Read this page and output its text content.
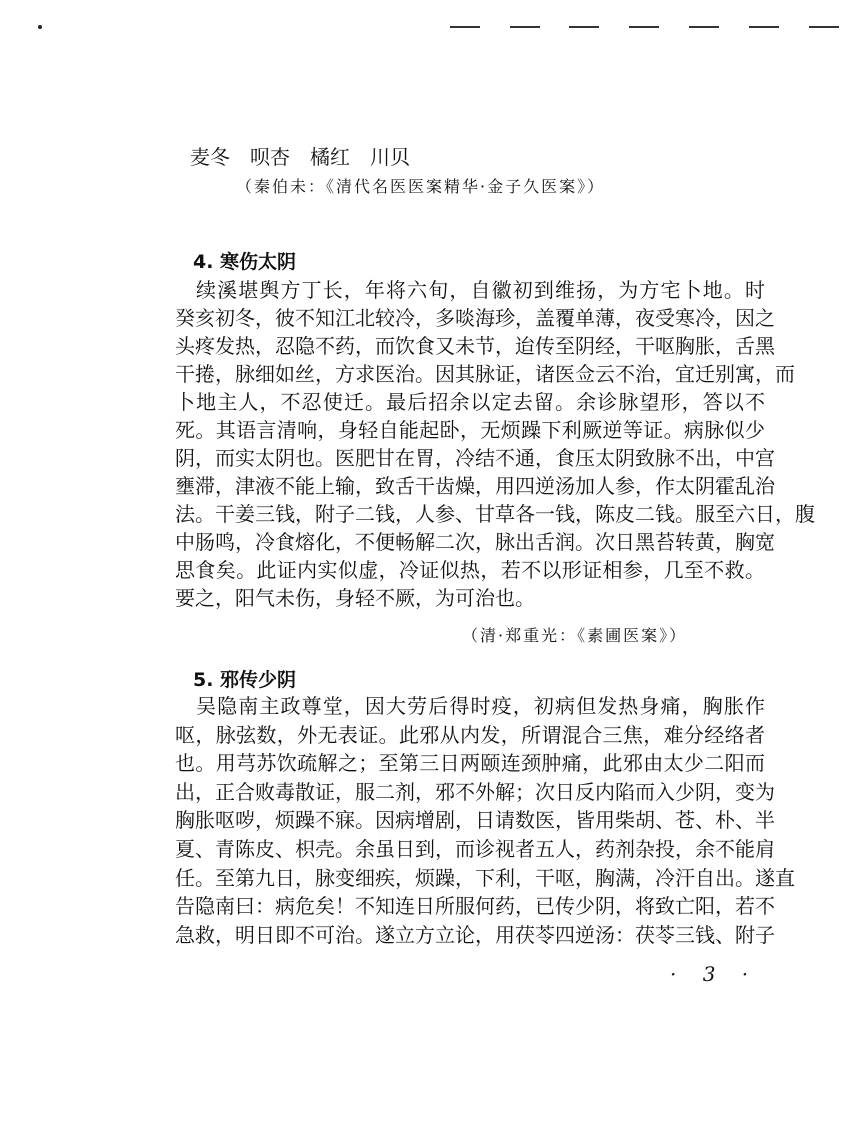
麦冬　呗杏　橘红　川贝
（秦伯未：《清代名医医案精华·金子久医案》）
4. 寒伤太阴
续溪堪舆方丁长，年将六旬，自徽初到维扬，为方宅卜地。时
癸亥初冬，彼不知江北较冷，多啖海珍，盖覆单薄，夜受寒冷，因之
头疼发热，忍隐不药，而饮食又未节，迨传至阴经，干呕胸胀，舌黑
干捲，脉细如丝，方求医治。因其脉证，诸医佥云不治，宜迁别寓，而
卜地主人，不忍使迁。最后招余以定去留。余诊脉望形，答以不
死。其语言清响，身轻自能起卧，无烦躁下利厥逆等证。病脉似少
阴，而实太阴也。医肥甘在胃，冷结不通，食压太阴致脉不出，中宫
壅滞，津液不能上输，致舌干齿燥，用四逆汤加人参，作太阴霍乱治
法。干姜三钱，附子二钱，人参、甘草各一钱，陈皮二钱。服至六日，腹
中肠鸣，冷食熔化，不便畅解二次，脉出舌润。次日黑苔转黄，胸宽
思食矣。此证内实似虚，冷证似热，若不以形证相参，几至不救。
要之，阳气未伤，身轻不厥，为可治也。
（清·郑重光：《素圃医案》）
5. 邪传少阴
吴隐南主政尊堂，因大劳后得时疫，初病但发热身痛，胸胀作
呕，脉弦数，外无表证。此邪从内发，所谓混合三焦，难分经络者
也。用芎苏饮疏解之；至第三日两颐连颈肿痛，此邪由太少二阳而
出，正合败毒散证，服二剂，邪不外解；次日反内陷而入少阴，变为
胸胀呕哕，烦躁不寐。因病增剧，日请数医，皆用柴胡、苍、朴、半
夏、青陈皮、枳壳。余虽日到，而诊视者五人，药剂杂投，余不能肩
任。至第九日，脉变细疾，烦躁，下利，干呕，胸满，冷汗自出。遂直
告隐南曰：病危矣！不知连日所服何药，已传少阴，将致亡阳，若不
急救，明日即不可治。遂立方立论，用茯苓四逆汤：茯苓三钱、附子
· 3 ·
